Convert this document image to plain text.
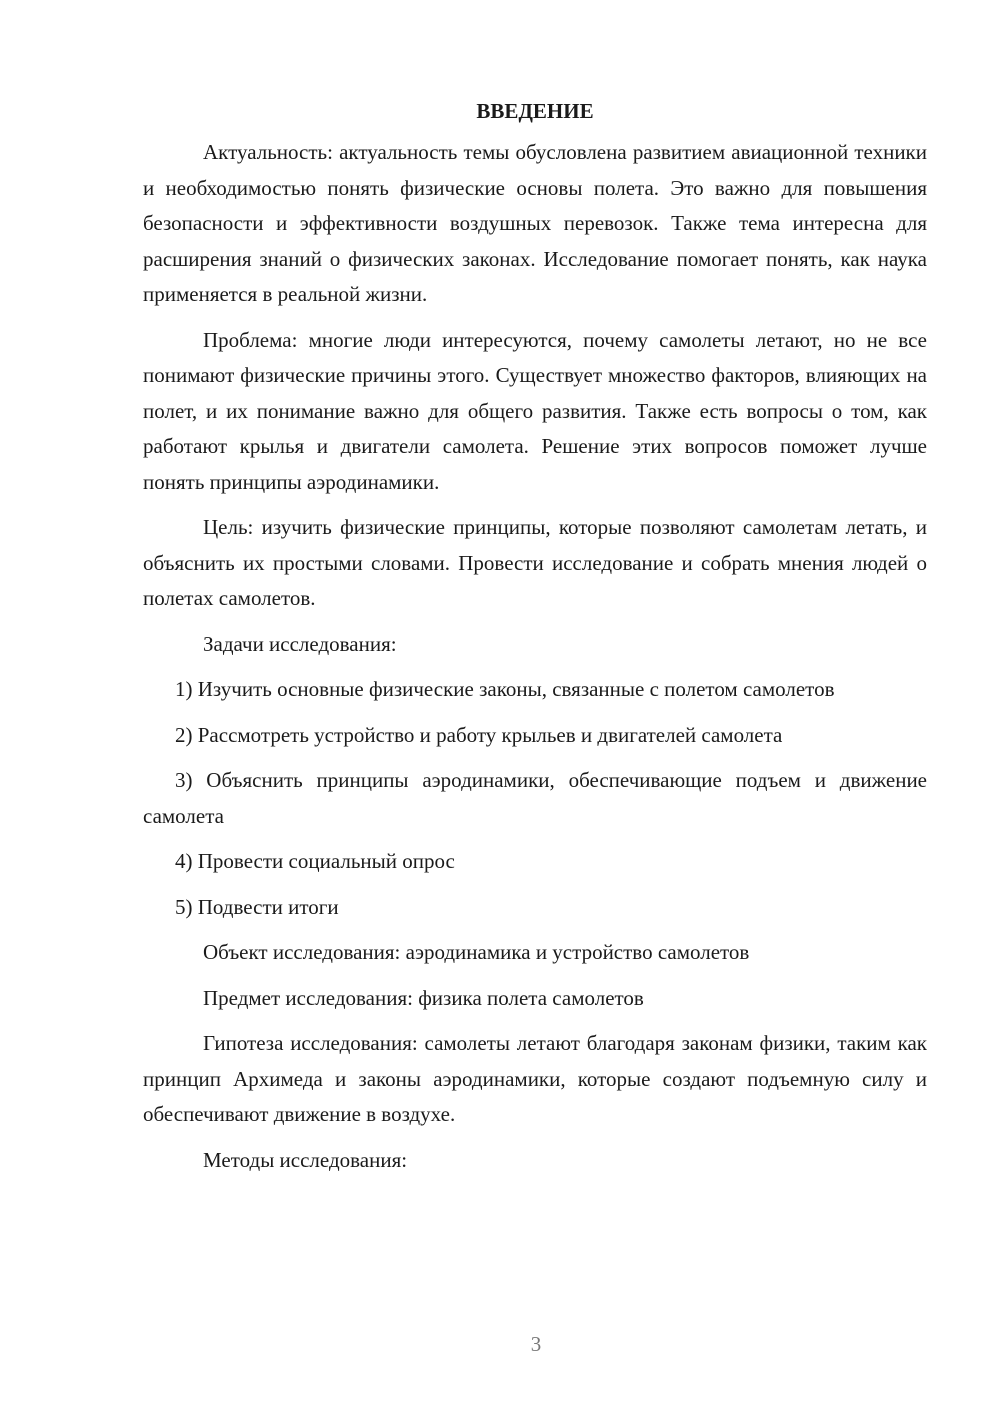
ВВЕДЕНИЕ

Актуальность: актуальность темы обусловлена развитием авиационной техники и необходимостью понять физические основы полета. Это важно для повышения безопасности и эффективности воздушных перевозок. Также тема интересна для расширения знаний о физических законах. Исследование помогает понять, как наука применяется в реальной жизни.

Проблема: многие люди интересуются, почему самолеты летают, но не все понимают физические причины этого. Существует множество факторов, влияющих на полет, и их понимание важно для общего развития. Также есть вопросы о том, как работают крылья и двигатели самолета. Решение этих вопросов поможет лучше понять принципы аэродинамики.

Цель: изучить физические принципы, которые позволяют самолетам летать, и объяснить их простыми словами. Провести исследование и собрать мнения людей о полетах самолетов.

Задачи исследования:

1) Изучить основные физические законы, связанные с полетом самолетов

2) Рассмотреть устройство и работу крыльев и двигателей самолета

3) Объяснить принципы аэродинамики, обеспечивающие подъем и движение самолета

4) Провести социальный опрос

5) Подвести итоги

Объект исследования: аэродинамика и устройство самолетов

Предмет исследования: физика полета самолетов

Гипотеза исследования: самолеты летают благодаря законам физики, таким как принцип Архимеда и законы аэродинамики, которые создают подъемную силу и обеспечивают движение в воздухе.

Методы исследования:

3
